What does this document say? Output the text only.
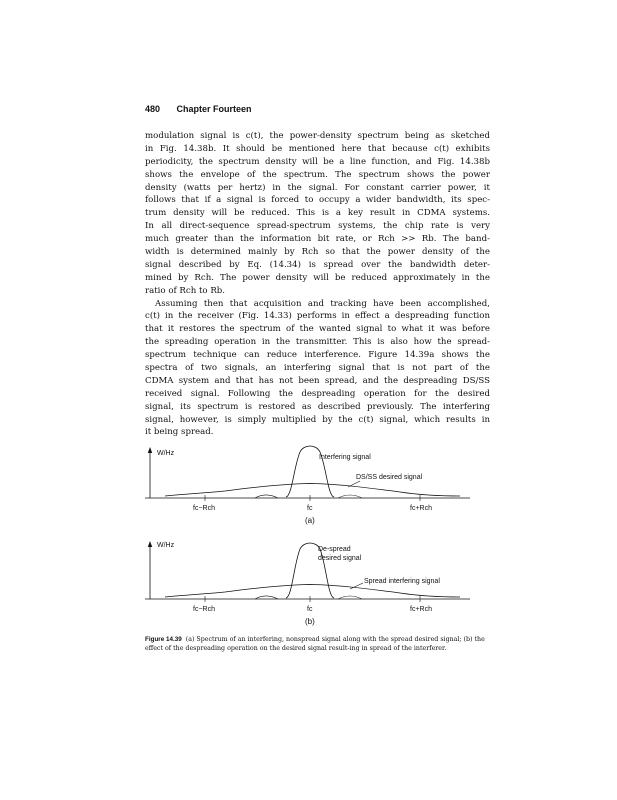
480 Chapter Fourteen
modulation signal is c(t), the power-density spectrum being as sketched
in Fig. 14.38b. It should be mentioned here that because c(t) exhibits
periodicity, the spectrum density will be a line function, and Fig. 14.38b
shows the envelope of the spectrum. The spectrum shows the power
density (watts per hertz) in the signal. For constant carrier power, it
follows that if a signal is forced to occupy a wider bandwidth, its spec-
trum density will be reduced. This is a key result in CDMA systems.
In all direct-sequence spread-spectrum systems, the chip rate is very
much greater than the information bit rate, or Rch >> Rb. The band-
width is determined mainly by Rch so that the power density of the
signal described by Eq. (14.34) is spread over the bandwidth deter-
mined by Rch. The power density will be reduced approximately in the
ratio of Rch to Rb.
Assuming then that acquisition and tracking have been accomplished,
c(t) in the receiver (Fig. 14.33) performs in effect a despreading function
that it restores the spectrum of the wanted signal to what it was before
the spreading operation in the transmitter. This is also how the spread-
spectrum technique can reduce interference. Figure 14.39a shows the
spectra of two signals, an interfering signal that is not part of the
CDMA system and that has not been spread, and the despreading DS/SS
received signal. Following the despreading operation for the desired
signal, its spectrum is restored as described previously. The interfering
signal, however, is simply multiplied by the c(t) signal, which results in
it being spread.
W/Hz
Interfering signal
DS/SS desired signal
fc−Rch	fc	fc+Rch
(a)
W/Hz
De-spread
desired signal
Spread interfering signal
fc−Rch	fc	fc+Rch
(b)
Figure 14.39 (a) Spectrum of an interfering, nonspread signal along with the spread desired signal; (b) the effect of the despreading operation on the desired signal result-ing in spread of the interferer.
